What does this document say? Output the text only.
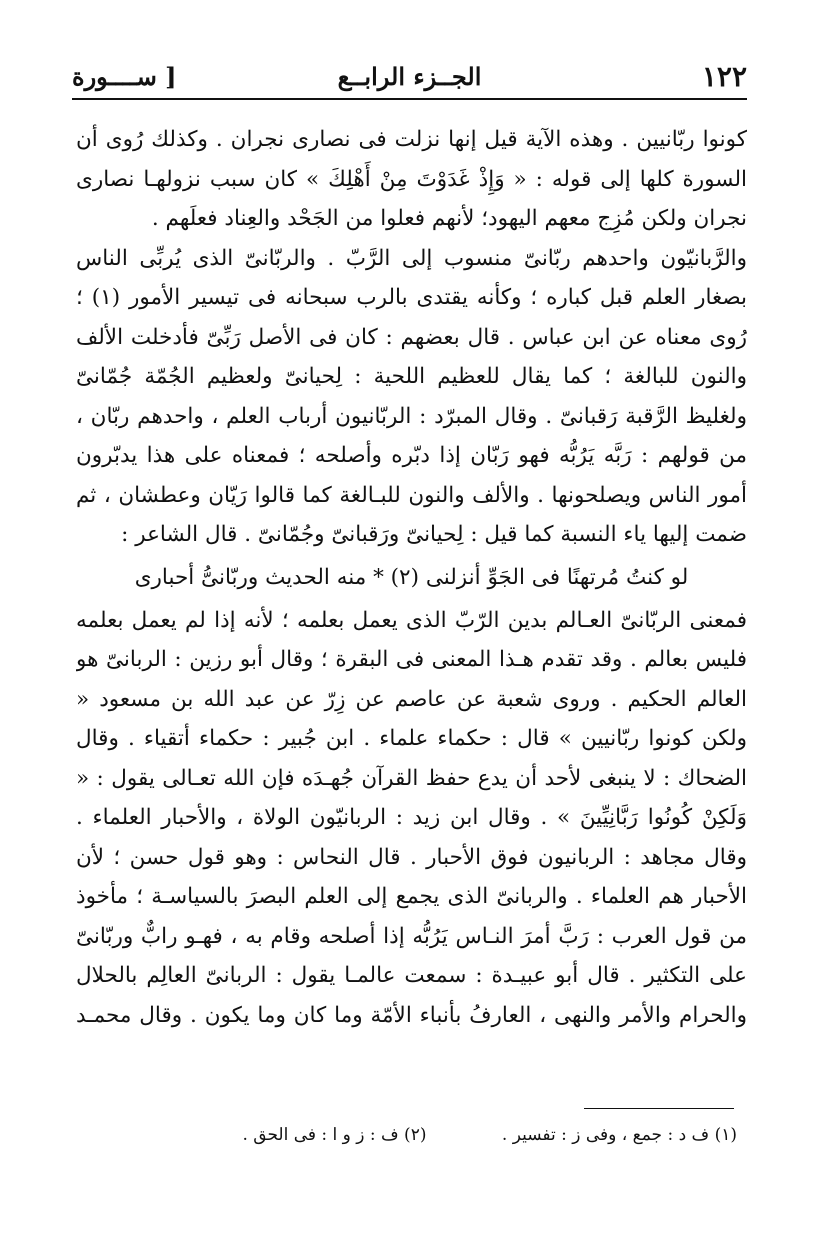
١٢٢
الجــزء الرابــع
[ ســــورة

كونوا ربّانيين . وهذه الآية قيل إنها نزلت فى نصارى نجران . وكذلك رُوى أن السورة كلها إلى قوله : « وَإِذْ غَدَوْتَ مِنْ أَهْلِكَ » كان سبب نزولهـا نصارى نجران ولكن مُزِج معهم اليهود؛ لأنهم فعلوا من الجَحْد والعِناد فعلَهم .

والرَّبانيّون واحدهم ربّانىّ منسوب إلى الرَّبّ . والربّانىّ الذى يُربِّى الناس بصغار العلم قبل كباره ؛ وكأنه يقتدى بالرب سبحانه فى تيسير الأمور (١) ؛ رُوى معناه عن ابن عباس . قال بعضهم : كان فى الأصل رَبِّىّ فأدخلت الألف والنون للبالغة ؛ كما يقال للعظيم اللحية : لِحيانىّ ولعظيم الجُمّة جُمّانىّ ولغليظ الرَّقبة رَقبانىّ . وقال المبرّد : الربّانيون أرباب العلم ، واحدهم ربّان ، من قولهم : رَبَّه يَرُبُّه فهو رَبّان إذا دبّره وأصلحه ؛ فمعناه على هذا يدبّرون أمور الناس ويصلحونها . والألف والنون للبـالغة كما قالوا رَيّان وعطشان ، ثم ضمت إليها ياء النسبة كما قيل : لِحيانىّ ورَقبانىّ وجُمّانىّ . قال الشاعر :

لو كنتُ مُرتهنًا فى الجَوِّ أنزلنى (٢) * منه الحديث وربّانىُّ أحبارى

فمعنى الربّانىّ العـالم بدين الرّبّ الذى يعمل بعلمه ؛ لأنه إذا لم يعمل بعلمه فليس بعالم . وقد تقدم هـذا المعنى فى البقرة ؛ وقال أبو رزين : الربانىّ هو العالم الحكيم . وروى شعبة عن عاصم عن زِرّ عن عبد الله بن مسعود « ولكن كونوا ربّانيين » قال : حكماء علماء . ابن جُبير : حكماء أتقياء . وقال الضحاك : لا ينبغى لأحد أن يدع حفظ القرآن جُهـدَه فإن الله تعـالى يقول : « وَلَكِنْ كُونُوا رَبَّانِيِّينَ » . وقال ابن زيد : الربانيّون الولاة ، والأحبار العلماء . وقال مجاهد : الربانيون فوق الأحبار . قال النحاس : وهو قول حسن ؛ لأن الأحبار هم العلماء . والربانىّ الذى يجمع إلى العلم البصرَ بالسياسـة ؛ مأخوذ من قول العرب : رَبَّ أمرَ النـاس يَرُبُّه إذا أصلحه وقام به ، فهـو رابٌّ وربّانىّ على التكثير . قال أبو عبيـدة : سمعت عالمـا يقول : الربانىّ العالِم بالحلال والحرام والأمر والنهى ، العارفُ بأنباء الأمّة وما كان وما يكون . وقال محمـد

(١) ف د : جمع ، وفى ز : تفسير . (٢) ف : ز و ا : فى الحق .
